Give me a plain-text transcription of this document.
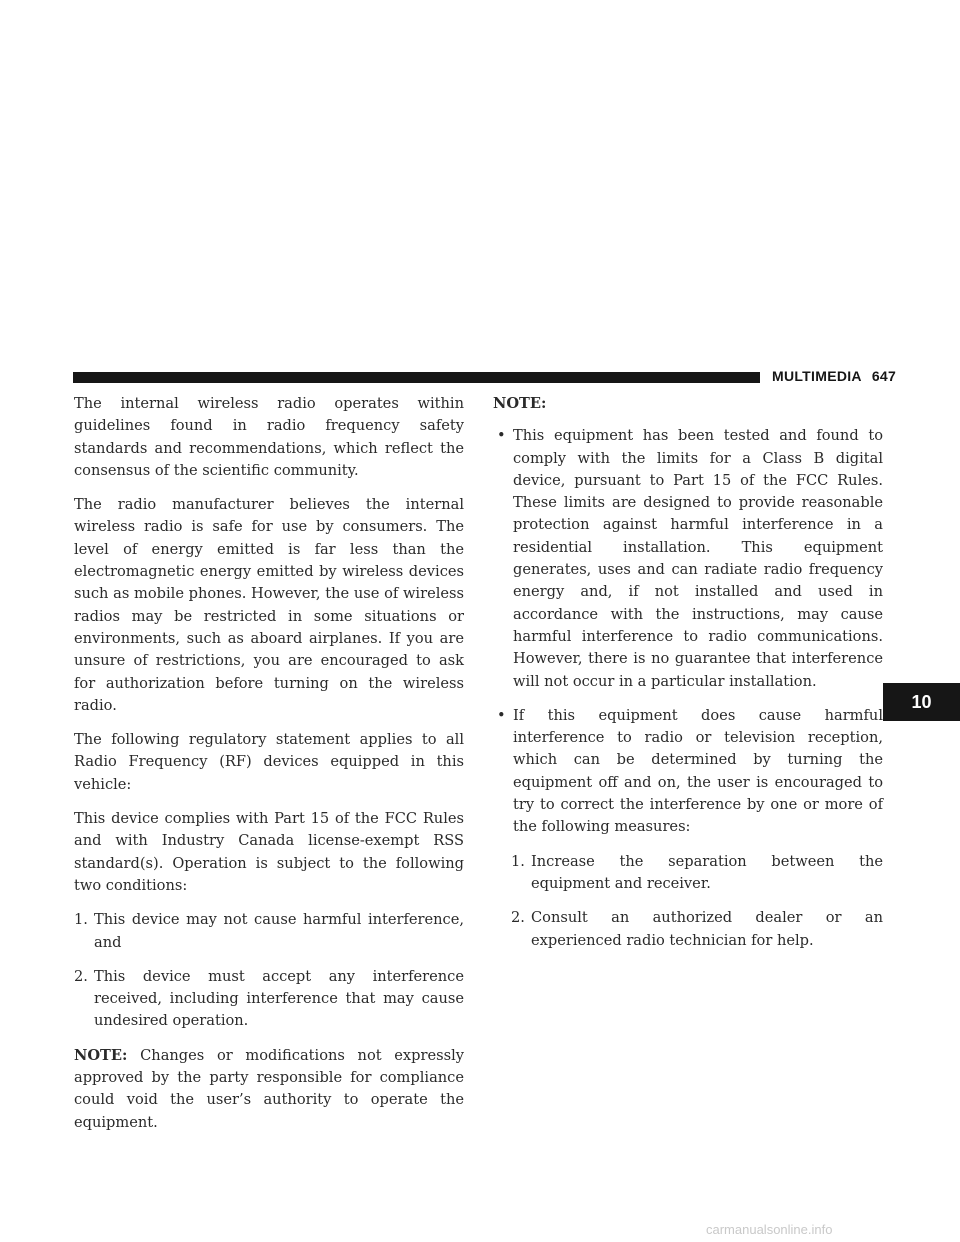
MULTIMEDIA 647
10

The internal wireless radio operates within guidelines found in radio frequency safety standards and recommendations, which reflect the consensus of the scientific community.

The radio manufacturer believes the internal wireless radio is safe for use by consumers. The level of energy emitted is far less than the electromagnetic energy emitted by wireless devices such as mobile phones. However, the use of wireless radios may be restricted in some situations or environments, such as aboard airplanes. If you are unsure of restrictions, you are encouraged to ask for authorization before turning on the wireless radio.

The following regulatory statement applies to all Radio Frequency (RF) devices equipped in this vehicle:

This device complies with Part 15 of the FCC Rules and with Industry Canada license-exempt RSS standard(s). Operation is subject to the following two conditions:

1. This device may not cause harmful interference, and
2. This device must accept any interference received, including interference that may cause undesired operation.

NOTE: Changes or modifications not expressly approved by the party responsible for compliance could void the user’s authority to operate the equipment.

NOTE:
• This equipment has been tested and found to comply with the limits for a Class B digital device, pursuant to Part 15 of the FCC Rules. These limits are designed to provide reasonable protection against harmful interference in a residential installation. This equipment generates, uses and can radiate radio frequency energy and, if not installed and used in accordance with the instructions, may cause harmful interference to radio communications. However, there is no guarantee that interference will not occur in a particular installation.
• If this equipment does cause harmful interference to radio or television reception, which can be determined by turning the equipment off and on, the user is encouraged to try to correct the interference by one or more of the following measures:
1. Increase the separation between the equipment and receiver.
2. Consult an authorized dealer or an experienced radio technician for help.
carmanualsonline.info
